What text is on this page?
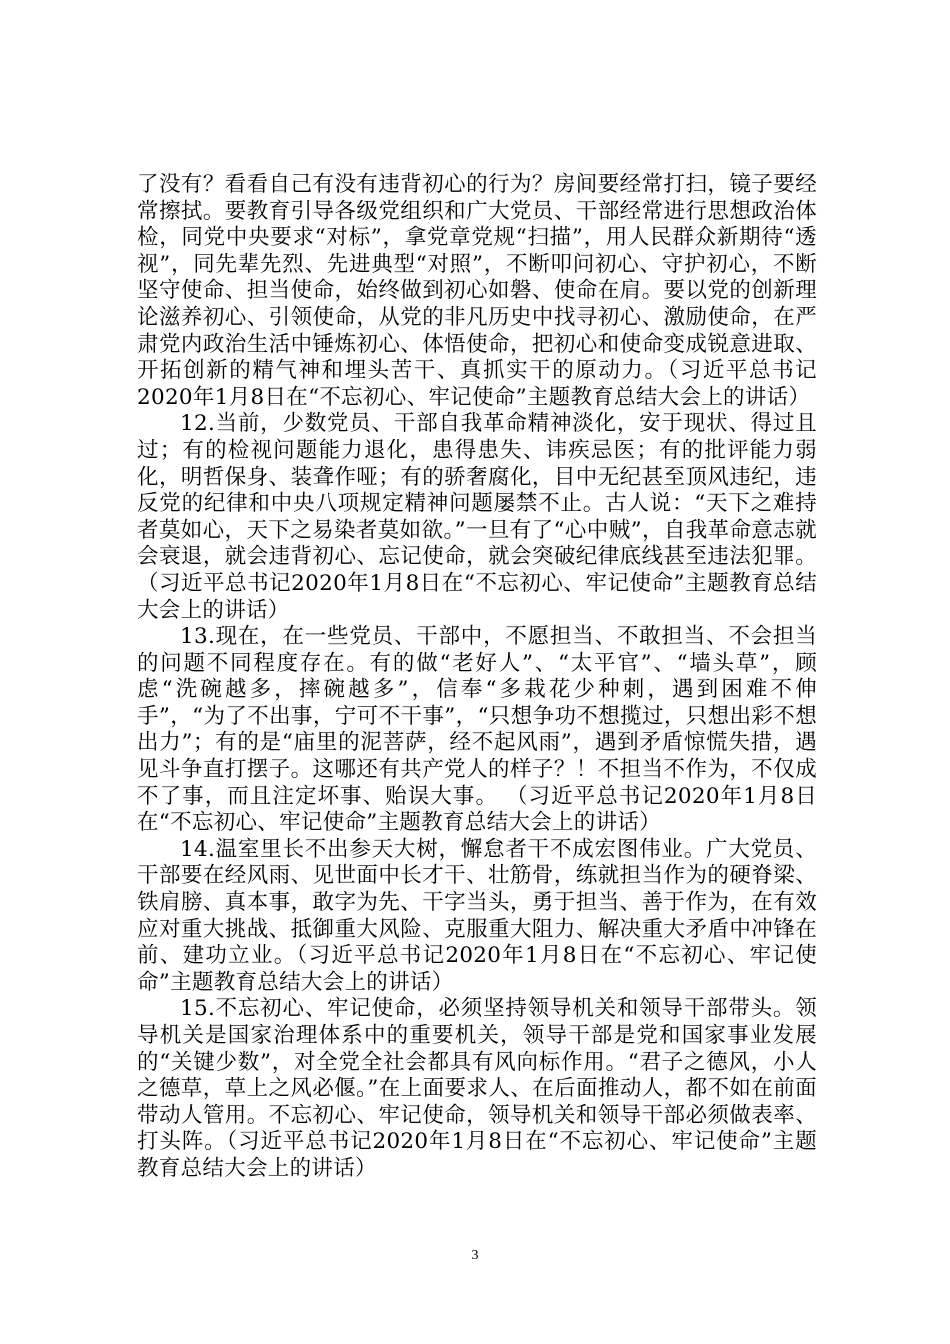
了没有？看看自己有没有违背初心的行为？房间要经常打扫，镜子要经常擦拭。要教育引导各级党组织和广大党员、干部经常进行思想政治体检，同党中央要求“对标”，拿党章党规“扫描”，用人民群众新期待“透视”，同先辈先烈、先进典型“对照”，不断叩问初心、守护初心，不断坚守使命、担当使命，始终做到初心如磐、使命在肩。要以党的创新理论滋养初心、引领使命，从党的非凡历史中找寻初心、激励使命，在严肃党内政治生活中锤炼初心、体悟使命，把初心和使命变成锐意进取、开拓创新的精气神和埋头苦干、真抓实干的原动力。（习近平总书记2020年1月8日在“不忘初心、牢记使命”主题教育总结大会上的讲话）

12.当前，少数党员、干部自我革命精神淡化，安于现状、得过且过；有的检视问题能力退化，患得患失、讳疾忌医；有的批评能力弱化，明哲保身、装聋作哑；有的骄奢腐化，目中无纪甚至顶风违纪，违反党的纪律和中央八项规定精神问题屡禁不止。古人说：“天下之难持者莫如心，天下之易染者莫如欲。”一旦有了“心中贼”，自我革命意志就会衰退，就会违背初心、忘记使命，就会突破纪律底线甚至违法犯罪。（习近平总书记2020年1月8日在“不忘初心、牢记使命”主题教育总结大会上的讲话）

13.现在，在一些党员、干部中，不愿担当、不敢担当、不会担当的问题不同程度存在。有的做“老好人”、“太平官”、“墙头草”，顾虑“洗碗越多，摔碗越多”，信奉“多栽花少种刺，遇到困难不伸手”，“为了不出事，宁可不干事”，“只想争功不想揽过，只想出彩不想出力”；有的是“庙里的泥菩萨，经不起风雨”，遇到矛盾惊慌失措，遇见斗争直打摆子。这哪还有共产党人的样子？！不担当不作为，不仅成不了事，而且注定坏事、贻误大事。 （习近平总书记2020年1月8日在“不忘初心、牢记使命”主题教育总结大会上的讲话）

14.温室里长不出参天大树，懈怠者干不成宏图伟业。广大党员、干部要在经风雨、见世面中长才干、壮筋骨，练就担当作为的硬脊梁、铁肩膀、真本事，敢字为先、干字当头，勇于担当、善于作为，在有效应对重大挑战、抵御重大风险、克服重大阻力、解决重大矛盾中冲锋在前、建功立业。（习近平总书记2020年1月8日在“不忘初心、牢记使命”主题教育总结大会上的讲话）

15.不忘初心、牢记使命，必须坚持领导机关和领导干部带头。领导机关是国家治理体系中的重要机关，领导干部是党和国家事业发展的“关键少数”，对全党全社会都具有风向标作用。“君子之德风，小人之德草，草上之风必偃。”在上面要求人、在后面推动人，都不如在前面带动人管用。不忘初心、牢记使命，领导机关和领导干部必须做表率、打头阵。（习近平总书记2020年1月8日在“不忘初心、牢记使命”主题教育总结大会上的讲话）

3
